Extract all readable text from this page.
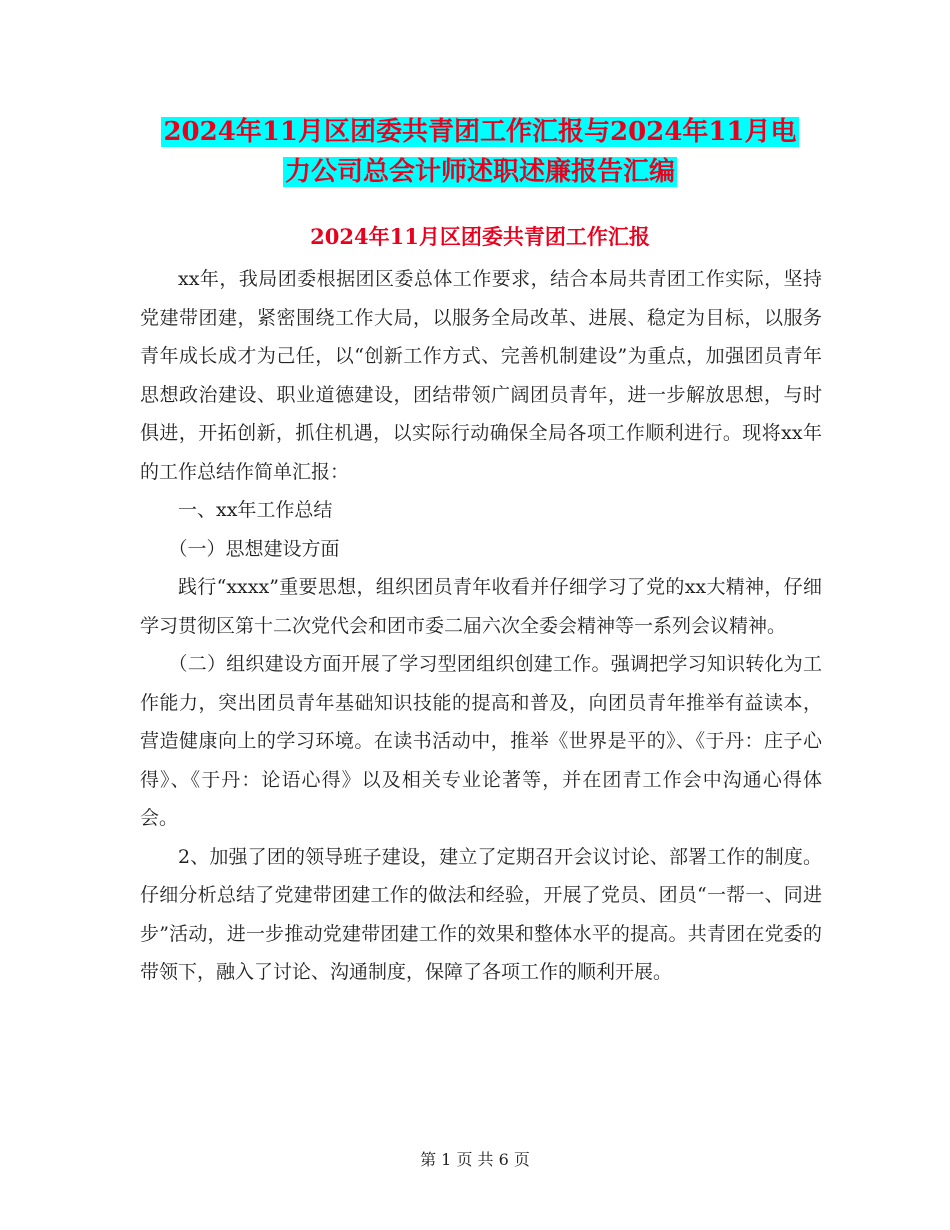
2024年11月区团委共青团工作汇报与2024年11月电
力公司总会计师述职述廉报告汇编
2024年11月区团委共青团工作汇报

xx年，我局团委根据团区委总体工作要求，结合本局共青团工作实际，坚持党建带团建，紧密围绕工作大局，以服务全局改革、进展、稳定为目标，以服务青年成长成才为己任，以“创新工作方式、完善机制建设”为重点，加强团员青年思想政治建设、职业道德建设，团结带领广阔团员青年，进一步解放思想，与时俱进，开拓创新，抓住机遇，以实际行动确保全局各项工作顺利进行。现将xx年的工作总结作简单汇报：

一、xx年工作总结

（一）思想建设方面

践行“xxxx”重要思想，组织团员青年收看并仔细学习了党的xx大精神，仔细学习贯彻区第十二次党代会和团市委二届六次全委会精神等一系列会议精神。

（二）组织建设方面开展了学习型团组织创建工作。强调把学习知识转化为工作能力，突出团员青年基础知识技能的提高和普及，向团员青年推举有益读本，营造健康向上的学习环境。在读书活动中，推举《世界是平的》、《于丹：庄子心得》、《于丹：论语心得》以及相关专业论著等，并在团青工作会中沟通心得体会。

2、加强了团的领导班子建设，建立了定期召开会议讨论、部署工作的制度。仔细分析总结了党建带团建工作的做法和经验，开展了党员、团员“一帮一、同进步”活动，进一步推动党建带团建工作的效果和整体水平的提高。共青团在党委的带领下，融入了讨论、沟通制度，保障了各项工作的顺利开展。

第 1 页 共 6 页
